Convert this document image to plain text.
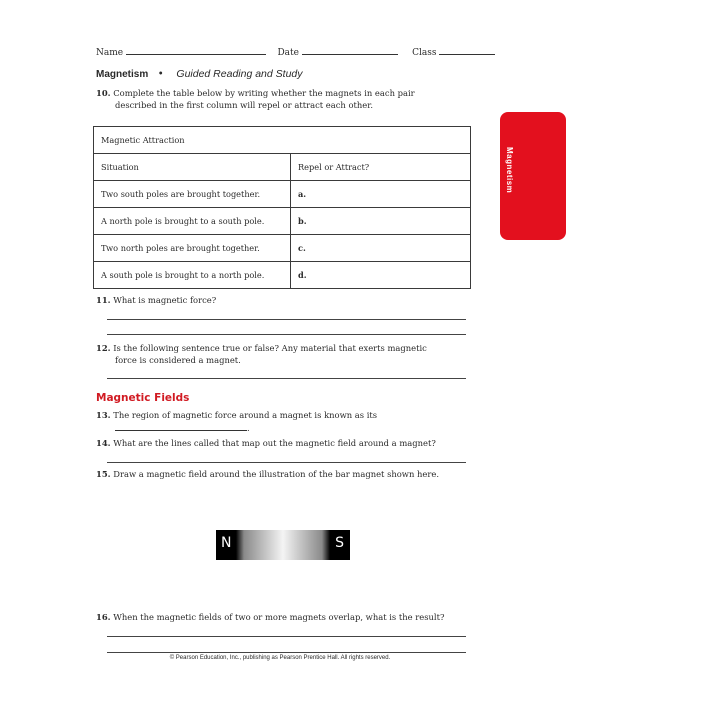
Name	Date	Class
Magnetism • Guided Reading and Study
10. Complete the table below by writing whether the magnets in each pair
described in the first column will repel or attract each other.
Magnetic Attraction	
Situation	Repel or Attract?
Two south poles are brought together.	a.
A north pole is brought to a south pole.	b.
Two north poles are brought together.	c.
A south pole is brought to a north pole.	d.
Magnetism
11. What is magnetic force?
12. Is the following sentence true or false? Any material that exerts magnetic
force is considered a magnet.
Magnetic Fields
13. The region of magnetic force around a magnet is known as its
.
14. What are the lines called that map out the magnetic field around a magnet?
15. Draw a magnetic field around the illustration of the bar magnet shown here.
N	S
16. When the magnetic fields of two or more magnets overlap, what is the result?
© Pearson Education, Inc., publishing as Pearson Prentice Hall. All rights reserved.
